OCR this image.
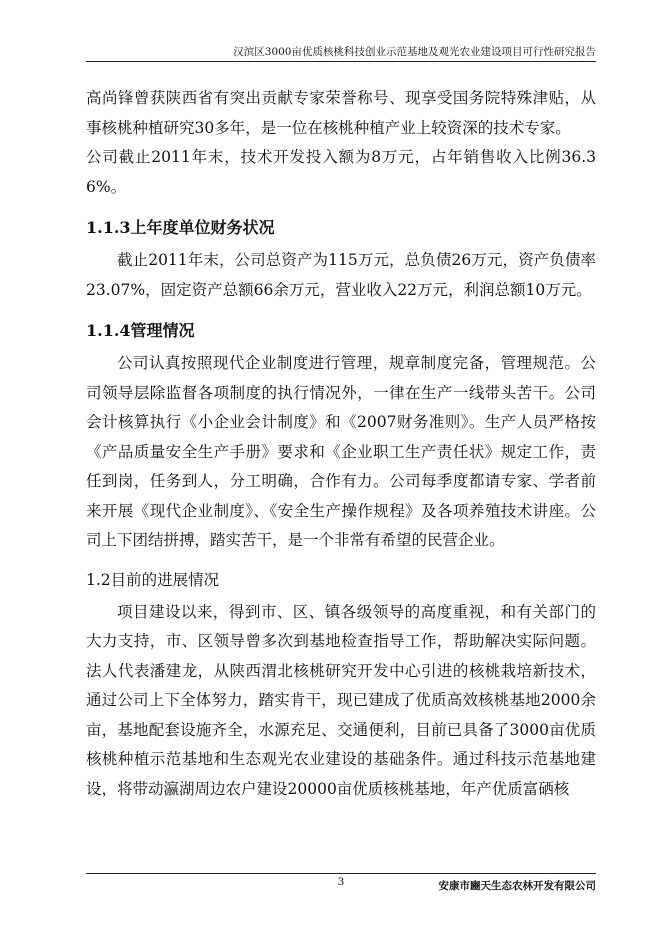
汉滨区3000亩优质核桃科技创业示范基地及观光农业建设项目可行性研究报告

高尚锋曾获陕西省有突出贡献专家荣誉称号、现享受国务院特殊津贴，从事核桃种植研究30多年，是一位在核桃种植产业上较资深的技术专家。

公司截止2011年末，技术开发投入额为8万元，占年销售收入比例36.36%。

1.1.3上年度单位财务状况

截止2011年末，公司总资产为115万元，总负债26万元，资产负债率23.07%，固定资产总额66余万元，营业收入22万元，利润总额10万元。

1.1.4管理情况

公司认真按照现代企业制度进行管理，规章制度完备，管理规范。公司领导层除监督各项制度的执行情况外，一律在生产一线带头苦干。公司会计核算执行《小企业会计制度》和《2007财务准则》。生产人员严格按《产品质量安全生产手册》要求和《企业职工生产责任状》规定工作，责任到岗，任务到人，分工明确，合作有力。公司每季度都请专家、学者前来开展《现代企业制度》、《安全生产操作规程》及各项养殖技术讲座。公司上下团结拼搏，踏实苦干，是一个非常有希望的民营企业。

1.2目前的进展情况

项目建设以来，得到市、区、镇各级领导的高度重视，和有关部门的大力支持，市、区领导曾多次到基地检查指导工作，帮助解决实际问题。法人代表潘建龙，从陕西渭北核桃研究开发中心引进的核桃栽培新技术，通过公司上下全体努力，踏实肯干，现已建成了优质高效核桃基地2000余亩，基地配套设施齐全，水源充足、交通便利，目前已具备了3000亩优质核桃种植示范基地和生态观光农业建设的基础条件。通过科技示范基地建设，将带动瀛湖周边农户建设20000亩优质核桃基地，年产优质富硒核

3	安康市豳天生态农林开发有限公司
